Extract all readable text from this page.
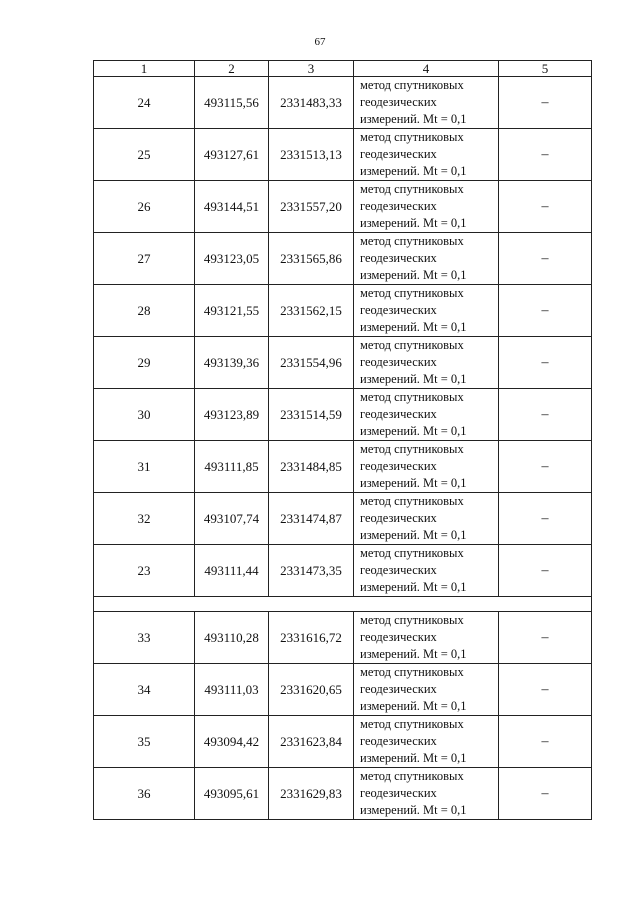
67
1	2	3	4	5
24	493115,56	2331483,33	метод спутниковых
геодезических
измерений. Mt = 0,1	–
25	493127,61	2331513,13	метод спутниковых
геодезических
измерений. Mt = 0,1	–
26	493144,51	2331557,20	метод спутниковых
геодезических
измерений. Mt = 0,1	–
27	493123,05	2331565,86	метод спутниковых
геодезических
измерений. Mt = 0,1	–
28	493121,55	2331562,15	метод спутниковых
геодезических
измерений. Mt = 0,1	–
29	493139,36	2331554,96	метод спутниковых
геодезических
измерений. Mt = 0,1	–
30	493123,89	2331514,59	метод спутниковых
геодезических
измерений. Mt = 0,1	–
31	493111,85	2331484,85	метод спутниковых
геодезических
измерений. Mt = 0,1	–
32	493107,74	2331474,87	метод спутниковых
геодезических
измерений. Mt = 0,1	–
23	493111,44	2331473,35	метод спутниковых
геодезических
измерений. Mt = 0,1	–

33	493110,28	2331616,72	метод спутниковых
геодезических
измерений. Mt = 0,1	–
34	493111,03	2331620,65	метод спутниковых
геодезических
измерений. Mt = 0,1	–
35	493094,42	2331623,84	метод спутниковых
геодезических
измерений. Mt = 0,1	–
36	493095,61	2331629,83	метод спутниковых
геодезических
измерений. Mt = 0,1	–
